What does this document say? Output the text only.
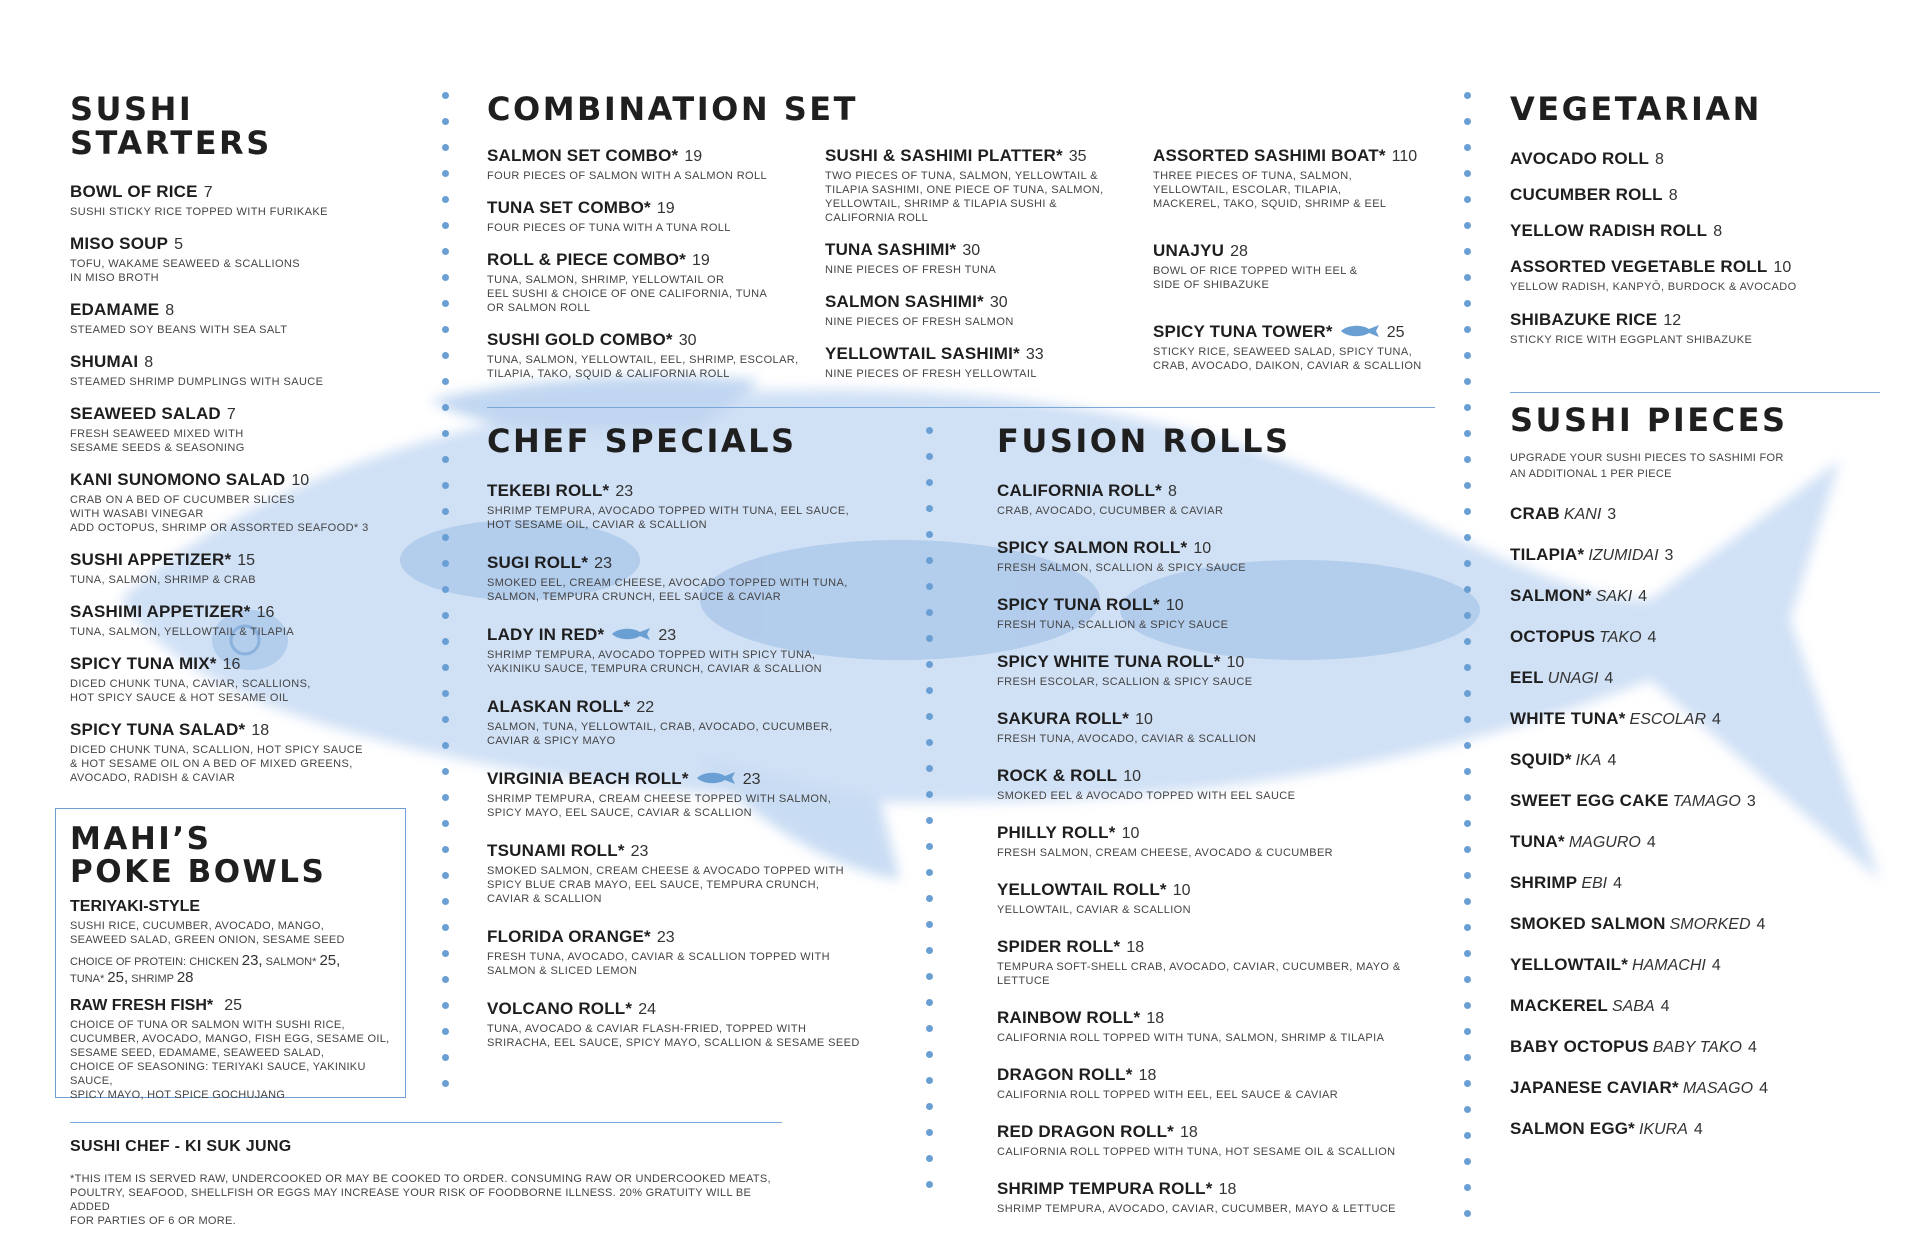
SUSHI STARTERS
BOWL OF RICE 7
SUSHI STICKY RICE TOPPED WITH FURIKAKE
MISO SOUP 5
TOFU, WAKAME SEAWEED & SCALLIONS
IN MISO BROTH
EDAMAME 8
STEAMED SOY BEANS WITH SEA SALT
SHUMAI 8
STEAMED SHRIMP DUMPLINGS WITH SAUCE
SEAWEED SALAD 7
FRESH SEAWEED MIXED WITH
SESAME SEEDS & SEASONING
KANI SUNOMONO SALAD 10
CRAB ON A BED OF CUCUMBER SLICES
WITH WASABI VINEGAR
ADD OCTOPUS, SHRIMP OR ASSORTED SEAFOOD* 3
SUSHI APPETIZER* 15
TUNA, SALMON, SHRIMP & CRAB
SASHIMI APPETIZER* 16
TUNA, SALMON, YELLOWTAIL & TILAPIA
SPICY TUNA MIX* 16
DICED CHUNK TUNA, CAVIAR, SCALLIONS,
HOT SPICY SAUCE & HOT SESAME OIL
SPICY TUNA SALAD* 18
DICED CHUNK TUNA, SCALLION, HOT SPICY SAUCE
& HOT SESAME OIL ON A BED OF MIXED GREENS,
AVOCADO, RADISH & CAVIAR
MAHI’S
POKE BOWLS
TERIYAKI-STYLE
SUSHI RICE, CUCUMBER, AVOCADO, MANGO,
SEAWEED SALAD, GREEN ONION, SESAME SEED
CHOICE OF PROTEIN: CHICKEN 23, SALMON* 25,
TUNA* 25, SHRIMP 28
RAW FRESH FISH* 25
CHOICE OF TUNA OR SALMON WITH SUSHI RICE,
CUCUMBER, AVOCADO, MANGO, FISH EGG, SESAME OIL,
SESAME SEED, EDAMAME, SEAWEED SALAD,
CHOICE OF SEASONING: TERIYAKI SAUCE, YAKINIKU SAUCE,
SPICY MAYO, HOT SPICE GOCHUJANG
SUSHI CHEF - KI SUK JUNG
*THIS ITEM IS SERVED RAW, UNDERCOOKED OR MAY BE COOKED TO ORDER. CONSUMING RAW OR UNDERCOOKED MEATS,
POULTRY, SEAFOOD, SHELLFISH OR EGGS MAY INCREASE YOUR RISK OF FOODBORNE ILLNESS. 20% GRATUITY WILL BE ADDED
FOR PARTIES OF 6 OR MORE.
COMBINATION SET
SALMON SET COMBO* 19
FOUR PIECES OF SALMON WITH A SALMON ROLL
TUNA SET COMBO* 19
FOUR PIECES OF TUNA WITH A TUNA ROLL
ROLL & PIECE COMBO* 19
TUNA, SALMON, SHRIMP, YELLOWTAIL OR
EEL SUSHI & CHOICE OF ONE CALIFORNIA, TUNA
OR SALMON ROLL
SUSHI GOLD COMBO* 30
TUNA, SALMON, YELLOWTAIL, EEL, SHRIMP, ESCOLAR,
TILAPIA, TAKO, SQUID & CALIFORNIA ROLL
SUSHI & SASHIMI PLATTER* 35
TWO PIECES OF TUNA, SALMON, YELLOWTAIL &
TILAPIA SASHIMI, ONE PIECE OF TUNA, SALMON,
YELLOWTAIL, SHRIMP & TILAPIA SUSHI &
CALIFORNIA ROLL
TUNA SASHIMI* 30
NINE PIECES OF FRESH TUNA
SALMON SASHIMI* 30
NINE PIECES OF FRESH SALMON
YELLOWTAIL SASHIMI* 33
NINE PIECES OF FRESH YELLOWTAIL
ASSORTED SASHIMI BOAT* 110
THREE PIECES OF TUNA, SALMON,
YELLOWTAIL, ESCOLAR, TILAPIA,
MACKEREL, TAKO, SQUID, SHRIMP & EEL
UNAJYU 28
BOWL OF RICE TOPPED WITH EEL &
SIDE OF SHIBAZUKE
SPICY TUNA TOWER*	25
STICKY RICE, SEAWEED SALAD, SPICY TUNA,
CRAB, AVOCADO, DAIKON, CAVIAR & SCALLION
CHEF SPECIALS
TEKEBI ROLL* 23
SHRIMP TEMPURA, AVOCADO TOPPED WITH TUNA, EEL SAUCE,
HOT SESAME OIL, CAVIAR & SCALLION
SUGI ROLL* 23
SMOKED EEL, CREAM CHEESE, AVOCADO TOPPED WITH TUNA,
SALMON, TEMPURA CRUNCH, EEL SAUCE & CAVIAR
LADY IN RED*	23
SHRIMP TEMPURA, AVOCADO TOPPED WITH SPICY TUNA,
YAKINIKU SAUCE, TEMPURA CRUNCH, CAVIAR & SCALLION
ALASKAN ROLL* 22
SALMON, TUNA, YELLOWTAIL, CRAB, AVOCADO, CUCUMBER,
CAVIAR & SPICY MAYO
VIRGINIA BEACH ROLL*	23
SHRIMP TEMPURA, CREAM CHEESE TOPPED WITH SALMON,
SPICY MAYO, EEL SAUCE, CAVIAR & SCALLION
TSUNAMI ROLL* 23
SMOKED SALMON, CREAM CHEESE & AVOCADO TOPPED WITH
SPICY BLUE CRAB MAYO, EEL SAUCE, TEMPURA CRUNCH,
CAVIAR & SCALLION
FLORIDA ORANGE* 23
FRESH TUNA, AVOCADO, CAVIAR & SCALLION TOPPED WITH
SALMON & SLICED LEMON
VOLCANO ROLL* 24
TUNA, AVOCADO & CAVIAR FLASH-FRIED, TOPPED WITH
SRIRACHA, EEL SAUCE, SPICY MAYO, SCALLION & SESAME SEED
FUSION ROLLS
CALIFORNIA ROLL* 8
CRAB, AVOCADO, CUCUMBER & CAVIAR
SPICY SALMON ROLL* 10
FRESH SALMON, SCALLION & SPICY SAUCE
SPICY TUNA ROLL* 10
FRESH TUNA, SCALLION & SPICY SAUCE
SPICY WHITE TUNA ROLL* 10
FRESH ESCOLAR, SCALLION & SPICY SAUCE
SAKURA ROLL* 10
FRESH TUNA, AVOCADO, CAVIAR & SCALLION
ROCK & ROLL 10
SMOKED EEL & AVOCADO TOPPED WITH EEL SAUCE
PHILLY ROLL* 10
FRESH SALMON, CREAM CHEESE, AVOCADO & CUCUMBER
YELLOWTAIL ROLL* 10
YELLOWTAIL, CAVIAR & SCALLION
SPIDER ROLL* 18
TEMPURA SOFT-SHELL CRAB, AVOCADO, CAVIAR, CUCUMBER, MAYO & LETTUCE
RAINBOW ROLL* 18
CALIFORNIA ROLL TOPPED WITH TUNA, SALMON, SHRIMP & TILAPIA
DRAGON ROLL* 18
CALIFORNIA ROLL TOPPED WITH EEL, EEL SAUCE & CAVIAR
RED DRAGON ROLL* 18
CALIFORNIA ROLL TOPPED WITH TUNA, HOT SESAME OIL & SCALLION
SHRIMP TEMPURA ROLL* 18
SHRIMP TEMPURA, AVOCADO, CAVIAR, CUCUMBER, MAYO & LETTUCE
VEGETARIAN
AVOCADO ROLL 8
CUCUMBER ROLL 8
YELLOW RADISH ROLL 8
ASSORTED VEGETABLE ROLL 10
YELLOW RADISH, KANPYŌ, BURDOCK & AVOCADO
SHIBAZUKE RICE 12
STICKY RICE WITH EGGPLANT SHIBAZUKE
SUSHI PIECES
UPGRADE YOUR SUSHI PIECES TO SASHIMI FOR
AN ADDITIONAL 1 PER PIECE
CRAB KANI 3
TILAPIA* IZUMIDAI 3
SALMON* SAKI 4
OCTOPUS TAKO 4
EEL UNAGI 4
WHITE TUNA* ESCOLAR 4
SQUID* IKA 4
SWEET EGG CAKE TAMAGO 3
TUNA* MAGURO 4
SHRIMP EBI 4
SMOKED SALMON SMORKED 4
YELLOWTAIL* HAMACHI 4
MACKEREL SABA 4
BABY OCTOPUS BABY TAKO 4
JAPANESE CAVIAR* MASAGO 4
SALMON EGG* IKURA 4
